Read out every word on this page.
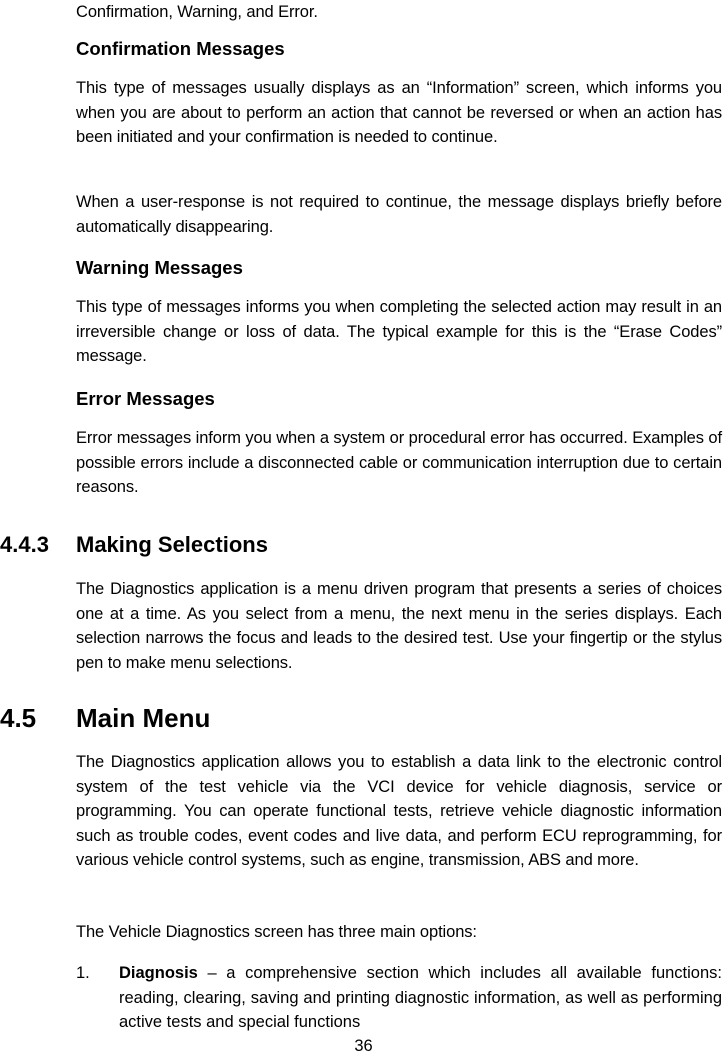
Confirmation, Warning, and Error.

Confirmation Messages

This type of messages usually displays as an “Information” screen, which informs you when you are about to perform an action that cannot be reversed or when an action has been initiated and your confirmation is needed to continue.

When a user-response is not required to continue, the message displays briefly before automatically disappearing.

Warning Messages

This type of messages informs you when completing the selected action may result in an irreversible change or loss of data. The typical example for this is the “Erase Codes” message.

Error Messages

Error messages inform you when a system or procedural error has occurred. Examples of possible errors include a disconnected cable or communication interruption due to certain reasons.

4.4.3	Making Selections

The Diagnostics application is a menu driven program that presents a series of choices one at a time. As you select from a menu, the next menu in the series displays. Each selection narrows the focus and leads to the desired test. Use your fingertip or the stylus pen to make menu selections.

4.5	Main Menu

The Diagnostics application allows you to establish a data link to the electronic control system of the test vehicle via the VCI device for vehicle diagnosis, service or programming. You can operate functional tests, retrieve vehicle diagnostic information such as trouble codes, event codes and live data, and perform ECU reprogramming, for various vehicle control systems, such as engine, transmission, ABS and more.

The Vehicle Diagnostics screen has three main options:

1.	Diagnosis – a comprehensive section which includes all available functions: reading, clearing, saving and printing diagnostic information, as well as performing active tests and special functions
36
